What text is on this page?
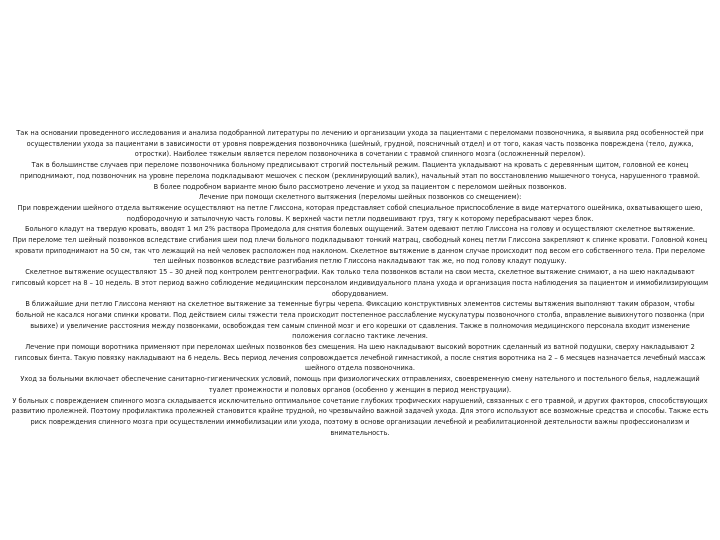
Так на основании проведенного исследования и анализа подобранной литературы по лечению и организации ухода за пациентами с переломами позвоночника, я выявила ряд особенностей при осуществлении ухода за пациентами в зависимости от уровня повреждения позвоночника (шейный, грудной, поясничный отдел) и от того, какая часть позвонка повреждена (тело, дужка, отростки). Наиболее тяжелым является перелом позвоночника в сочетании с травмой спинного мозга (осложненный перелом).

Так в большинстве случаев при переломе позвоночника больному предписывают строгий постельный режим. Пациента укладывают на кровать с деревянным щитом, головной ее конец приподнимают, под позвоночник на уровне перелома подкладывают мешочек с песком (реклинирующий валик), начальный этап по восстановлению мышечного тонуса, нарушенного травмой.

В более подробном варианте мною было рассмотрено лечение и уход за пациентом с переломом шейных позвонков.

Лечение при помощи скелетного вытяжения (переломы шейных позвонков со смещением):

При повреждении шейного отдела вытяжение осуществляют на петле Глиссона, которая представляет собой специальное приспособление в виде матерчатого ошейника, охватывающего шею, подбородочную и затылочную часть головы. К верхней части петли подвешивают груз, тягу к которому перебрасывают через блок.

Больного кладут на твердую кровать, вводят 1 мл 2% раствора Промедола для снятия болевых ощущений. Затем одевают петлю Глиссона на голову и осуществляют скелетное вытяжение.

При переломе тел шейный позвонков вследствие сгибания шеи под плечи больного подкладывают тонкий матрац, свободный конец петли Глиссона закрепляют к спинке кровати. Головной конец кровати приподнимают на 50 см, так что лежащий на ней человек расположен под наклоном. Скелетное вытяжение в данном случае происходит под весом его собственного тела. При переломе тел шейных позвонков вследствие разгибания петлю Глиссона накладывают так же, но под голову кладут подушку.

Скелетное вытяжение осуществляют 15 – 30 дней под контролем рентгенографии. Как только тела позвонков встали на свои места, скелетное вытяжение снимают, а на шею накладывают гипсовый корсет на 8 – 10 недель. В этот период важно соблюдение медицинским персоналом индивидуального плана ухода и организация поста наблюдения за пациентом и иммобилизирующим оборудованием.

В ближайшие дни петлю Глиссона меняют на скелетное вытяжение за теменные бугры черепа. Фиксацию конструктивных элементов системы вытяжения выполняют таким образом, чтобы больной не касался ногами спинки кровати. Под действием силы тяжести тела происходит постепенное расслабление мускулатуры позвоночного столба, вправление вывихнутого позвонка (при вывихе) и увеличение расстояния между позвонками, освобождая тем самым спинной мозг и его корешки от сдавления. Также в полномочия медицинского персонала входит изменение положения согласно тактике лечения.

Лечение при помощи воротника применяют при переломах шейных позвонков без смещения. На шею накладывают высокий воротник сделанный из ватной подушки, сверху накладывают 2 гипсовых бинта. Такую повязку накладывают на 6 недель. Весь период лечения сопровождается лечебной гимнастикой, а после снятия воротника на 2 – 6 месяцев назначается лечебный массаж шейного отдела позвоночника.

Уход за больными включает обеспечение санитарно-гигиенических условий, помощь при физиологических отправлениях, своевременную смену нательного и постельного белья, надлежащий туалет промежности и половых органов (особенно у женщин в период менструации).

У больных с повреждением спинного мозга складывается исключительно оптимальное сочетание глубоких трофических нарушений, связанных с его травмой, и других факторов, способствующих развитию пролежней. Поэтому профилактика пролежней становится крайне трудной, но чрезвычайно важной задачей ухода. Для этого используют все возможные средства и способы. Также есть риск повреждения спинного мозга при осуществлении иммобилизации или ухода, поэтому в основе организации лечебной и реабилитационной деятельности важны профессионализм и внимательность.
